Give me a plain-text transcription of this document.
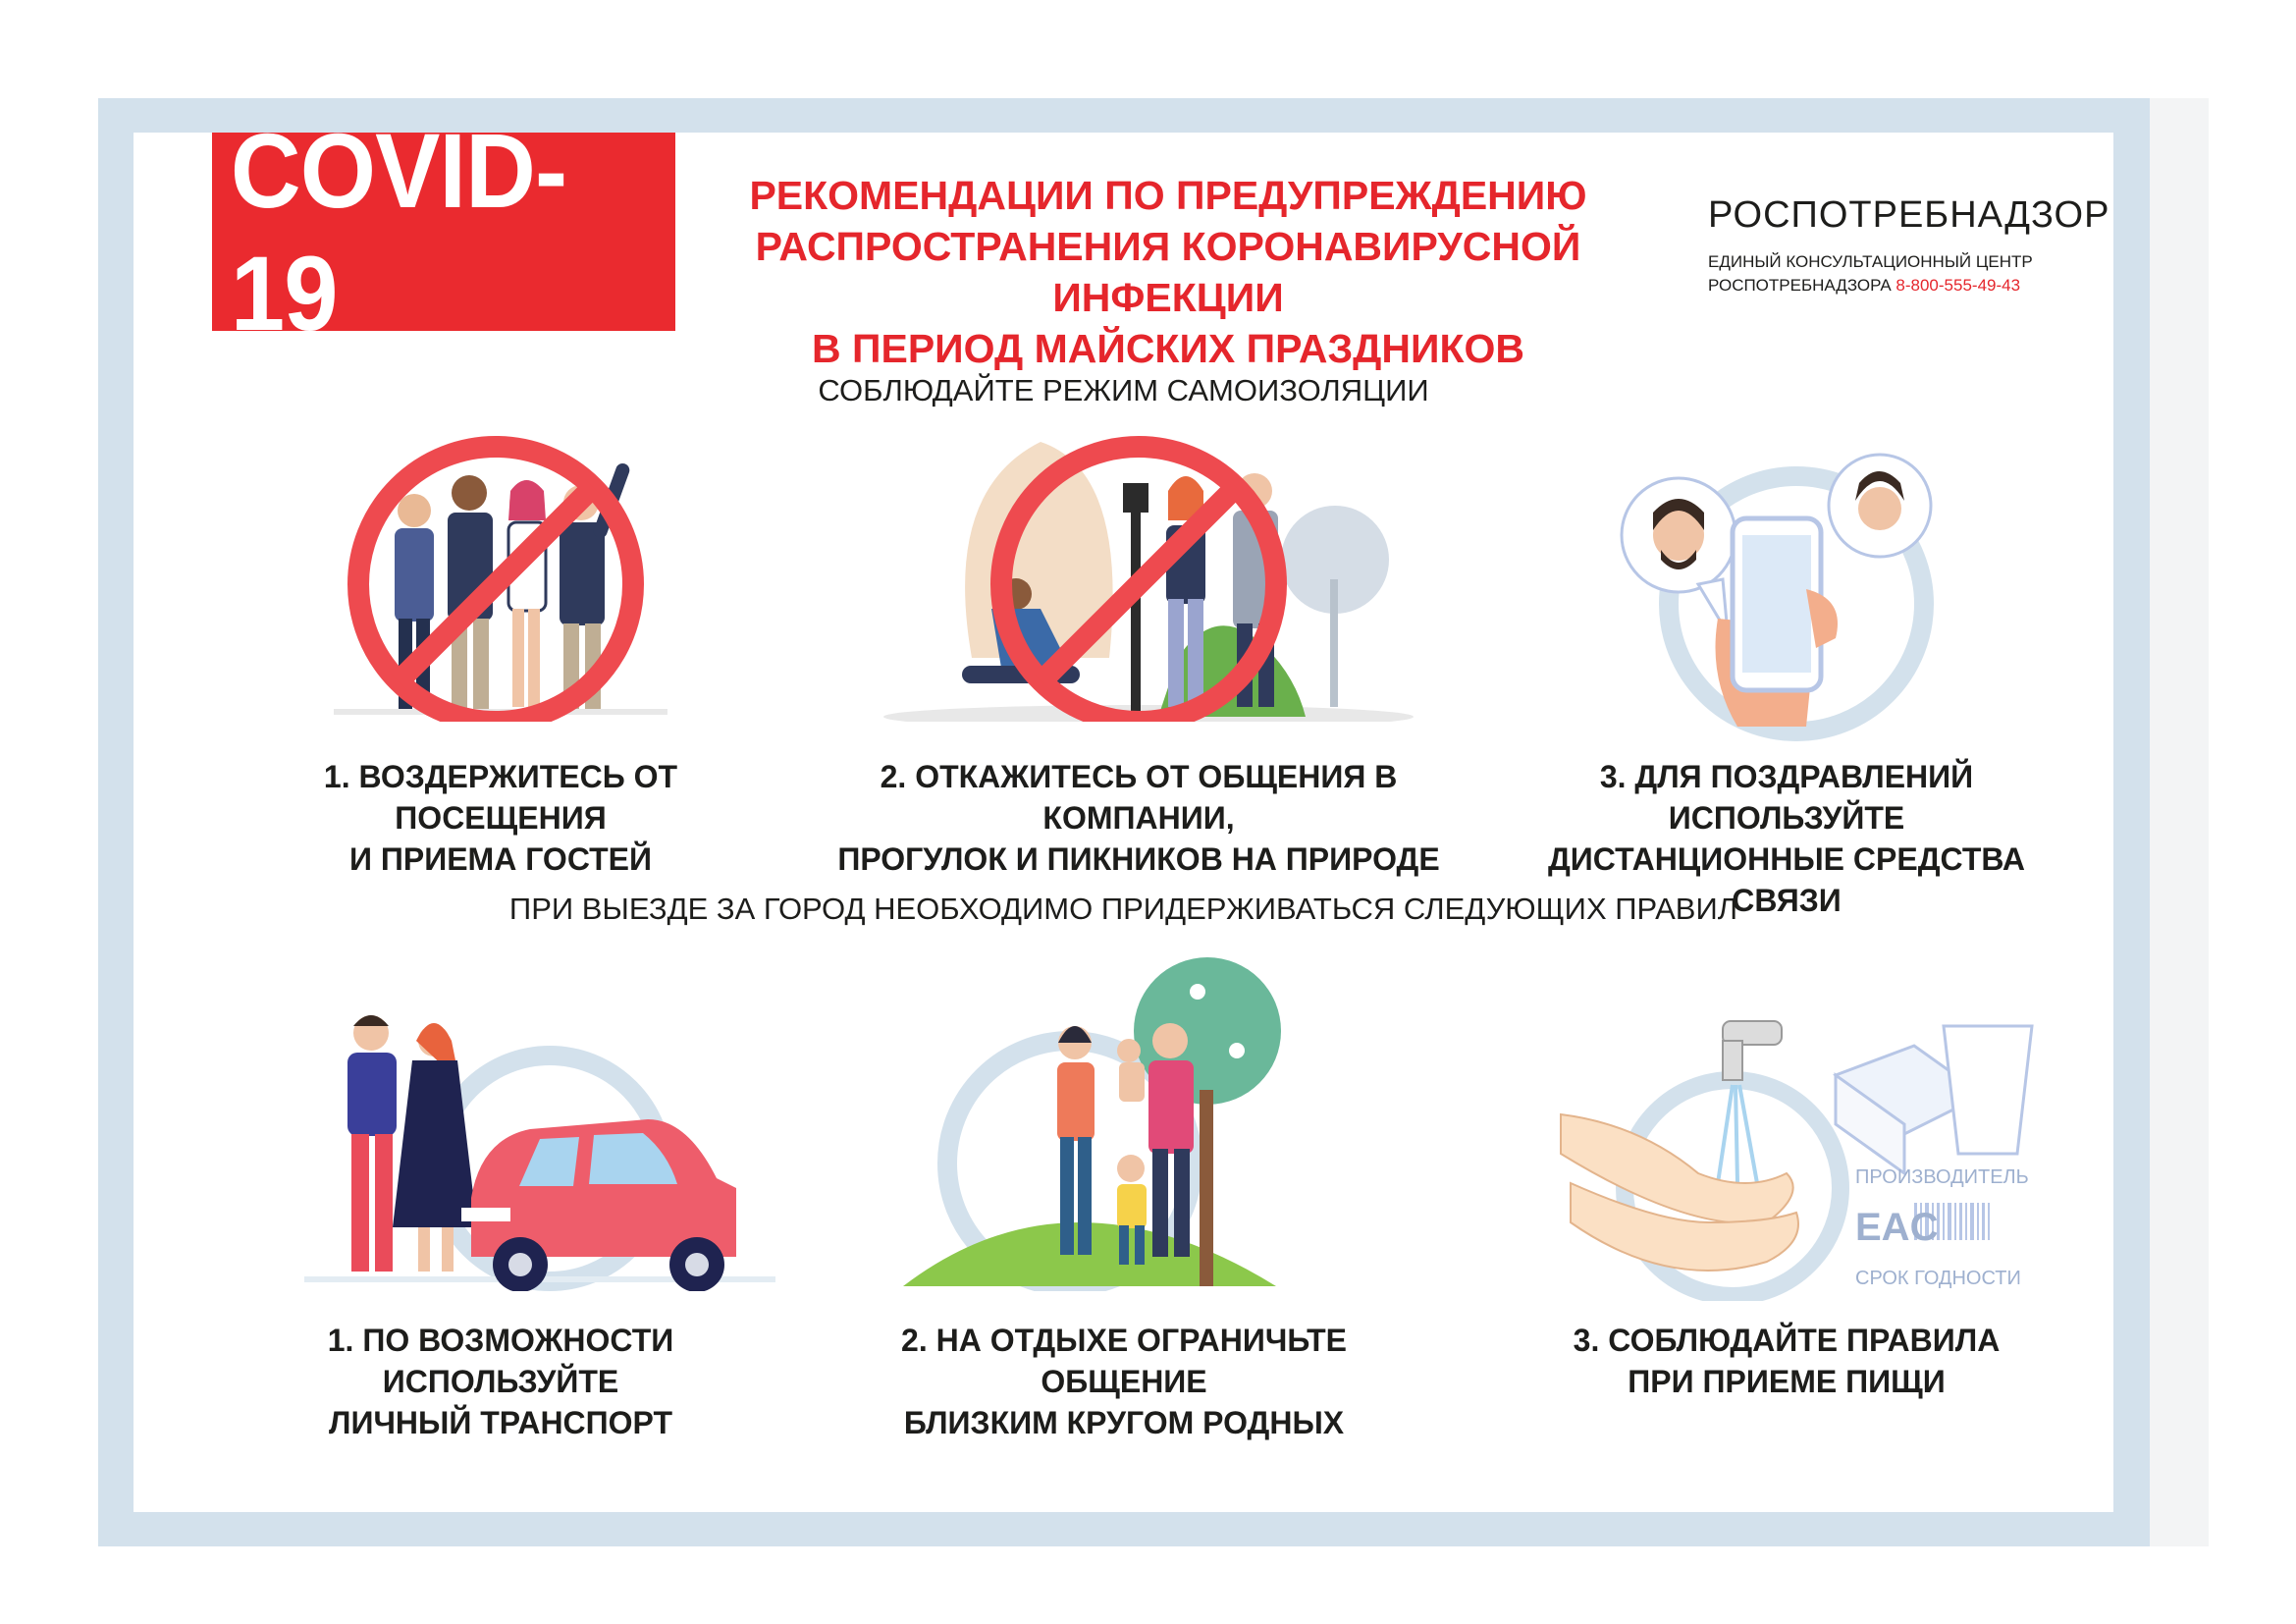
COVID-19
РЕКОМЕНДАЦИИ ПО ПРЕДУПРЕЖДЕНИЮ
РАСПРОСТРАНЕНИЯ КОРОНАВИРУСНОЙ ИНФЕКЦИИ
В ПЕРИОД МАЙСКИХ ПРАЗДНИКОВ
РОСПОТРЕБНАДЗОР
ЕДИНЫЙ КОНСУЛЬТАЦИОННЫЙ ЦЕНТР
РОСПОТРЕБНАДЗОРА 8-800-555-49-43
СОБЛЮДАЙТЕ РЕЖИМ САМОИЗОЛЯЦИИ
1. ВОЗДЕРЖИТЕСЬ ОТ ПОСЕЩЕНИЯ
И ПРИЕМА ГОСТЕЙ
2. ОТКАЖИТЕСЬ ОТ ОБЩЕНИЯ В КОМПАНИИ,
ПРОГУЛОК И ПИКНИКОВ НА ПРИРОДЕ
3. ДЛЯ ПОЗДРАВЛЕНИЙ ИСПОЛЬЗУЙТЕ
ДИСТАНЦИОННЫЕ СРЕДСТВА СВЯЗИ
ПРИ ВЫЕЗДЕ ЗА ГОРОД НЕОБХОДИМО ПРИДЕРЖИВАТЬСЯ СЛЕДУЮЩИХ ПРАВИЛ
ПРОИЗВОДИТЕЛЬ
EAC
СРОК ГОДНОСТИ
1. ПО ВОЗМОЖНОСТИ ИСПОЛЬЗУЙТЕ
ЛИЧНЫЙ ТРАНСПОРТ
2. НА ОТДЫХЕ ОГРАНИЧЬТЕ ОБЩЕНИЕ
БЛИЗКИМ КРУГОМ РОДНЫХ
3. СОБЛЮДАЙТЕ ПРАВИЛА
ПРИ ПРИЕМЕ ПИЩИ
